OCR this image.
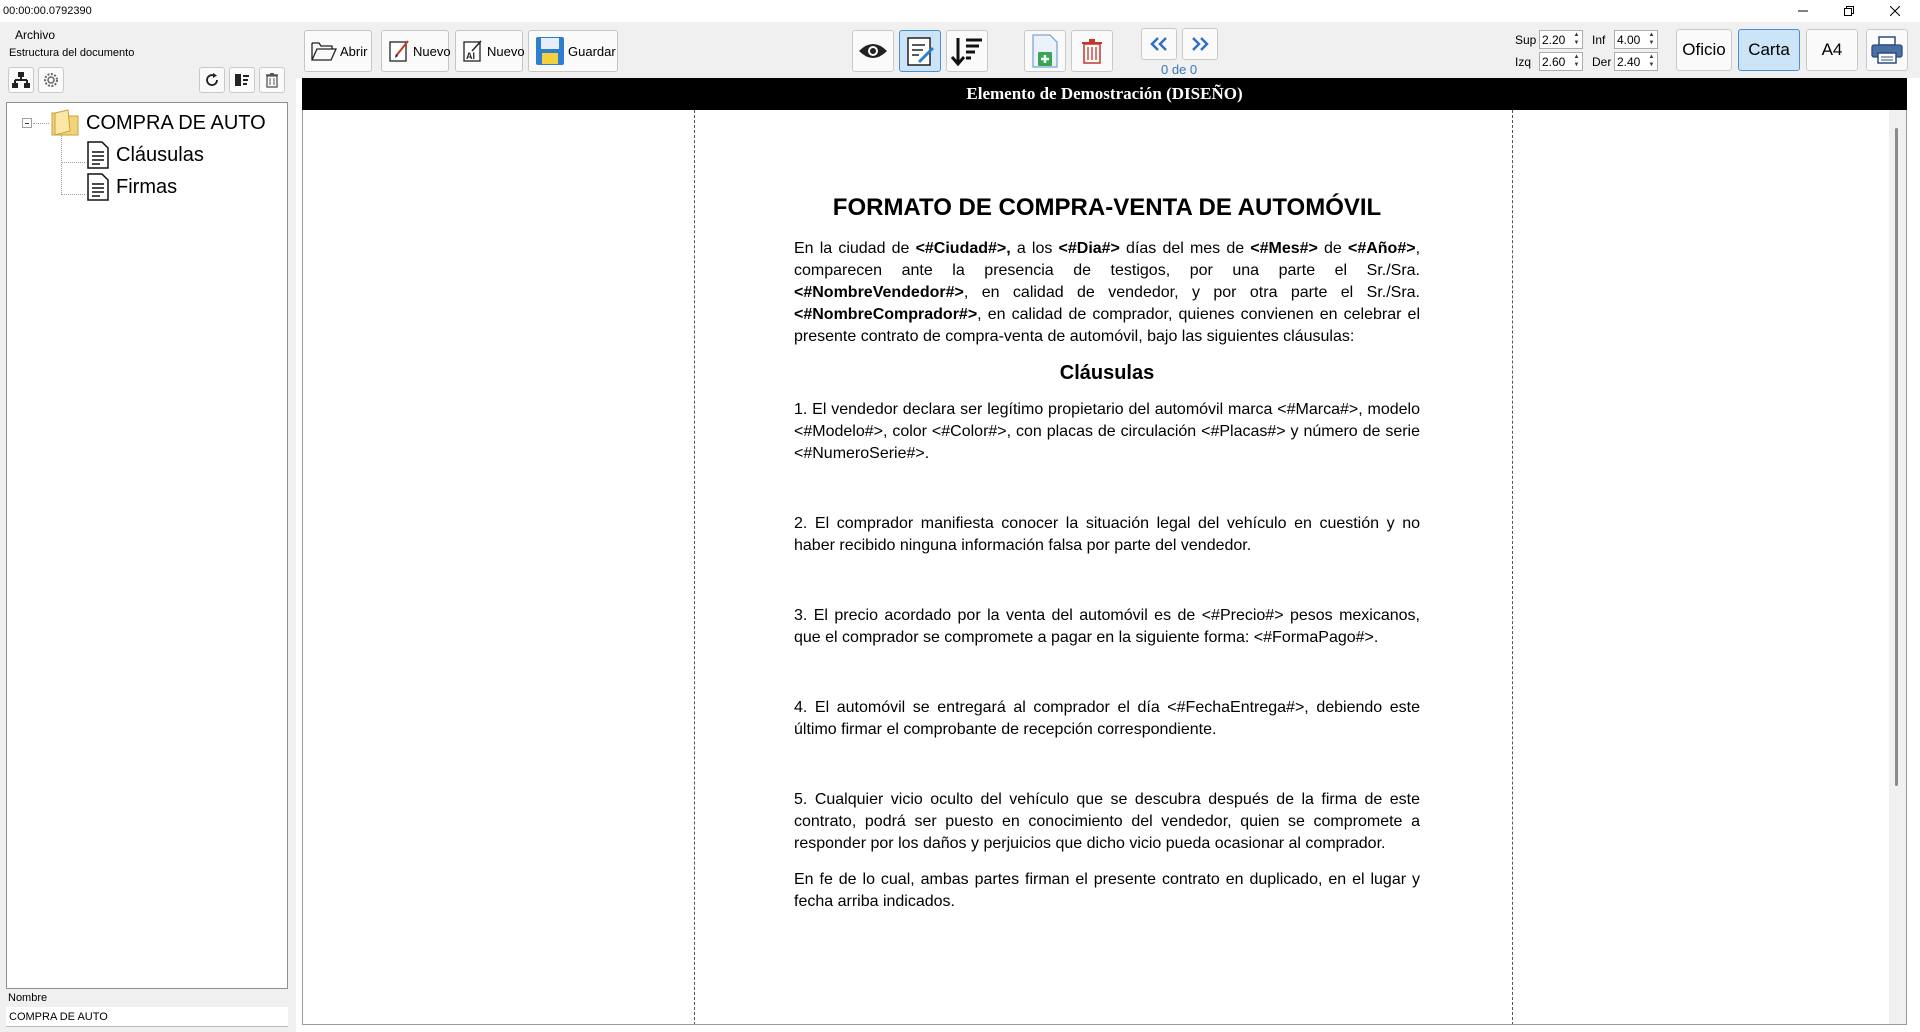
00:00:00.0792390
Archivo
Estructura del documento
COMPRA DE AUTO
Cláusulas
Firmas
Nombre
COMPRA DE AUTO
Abrir	Nuevo AI Nuevo	Guardar
0 de 0
Sup 2.20 ▲
▼ Inf 4.00 ▲
▼
Izq 2.60 ▲
▼ Der 2.40 ▲
▼
Oficio	Carta	A4
Elemento de Demostración (DISEÑO)
FORMATO DE COMPRA-VENTA DE AUTOMÓVIL
En la ciudad de <#Ciudad#>, a los <#Dia#> días del mes de <#Mes#> de <#Año#>, comparecen ante la presencia de testigos, por una parte el Sr./Sra. <#NombreVendedor#>, en calidad de vendedor, y por otra parte el Sr./Sra. <#NombreComprador#>, en calidad de comprador, quienes convienen en celebrar el presente contrato de compra-venta de automóvil, bajo las siguientes cláusulas:
Cláusulas
1. El vendedor declara ser legítimo propietario del automóvil marca <#Marca#>, modelo <#Modelo#>, color <#Color#>, con placas de circulación <#Placas#> y número de serie <#NumeroSerie#>.
2. El comprador manifiesta conocer la situación legal del vehículo en cuestión y no haber recibido ninguna información falsa por parte del vendedor.
3. El precio acordado por la venta del automóvil es de <#Precio#> pesos mexicanos, que el comprador se compromete a pagar en la siguiente forma: <#FormaPago#>.
4. El automóvil se entregará al comprador el día <#FechaEntrega#>, debiendo este último firmar el comprobante de recepción correspondiente.
5. Cualquier vicio oculto del vehículo que se descubra después de la firma de este contrato, podrá ser puesto en conocimiento del vendedor, quien se compromete a responder por los daños y perjuicios que dicho vicio pueda ocasionar al comprador.
En fe de lo cual, ambas partes firman el presente contrato en duplicado, en el lugar y fecha arriba indicados.
